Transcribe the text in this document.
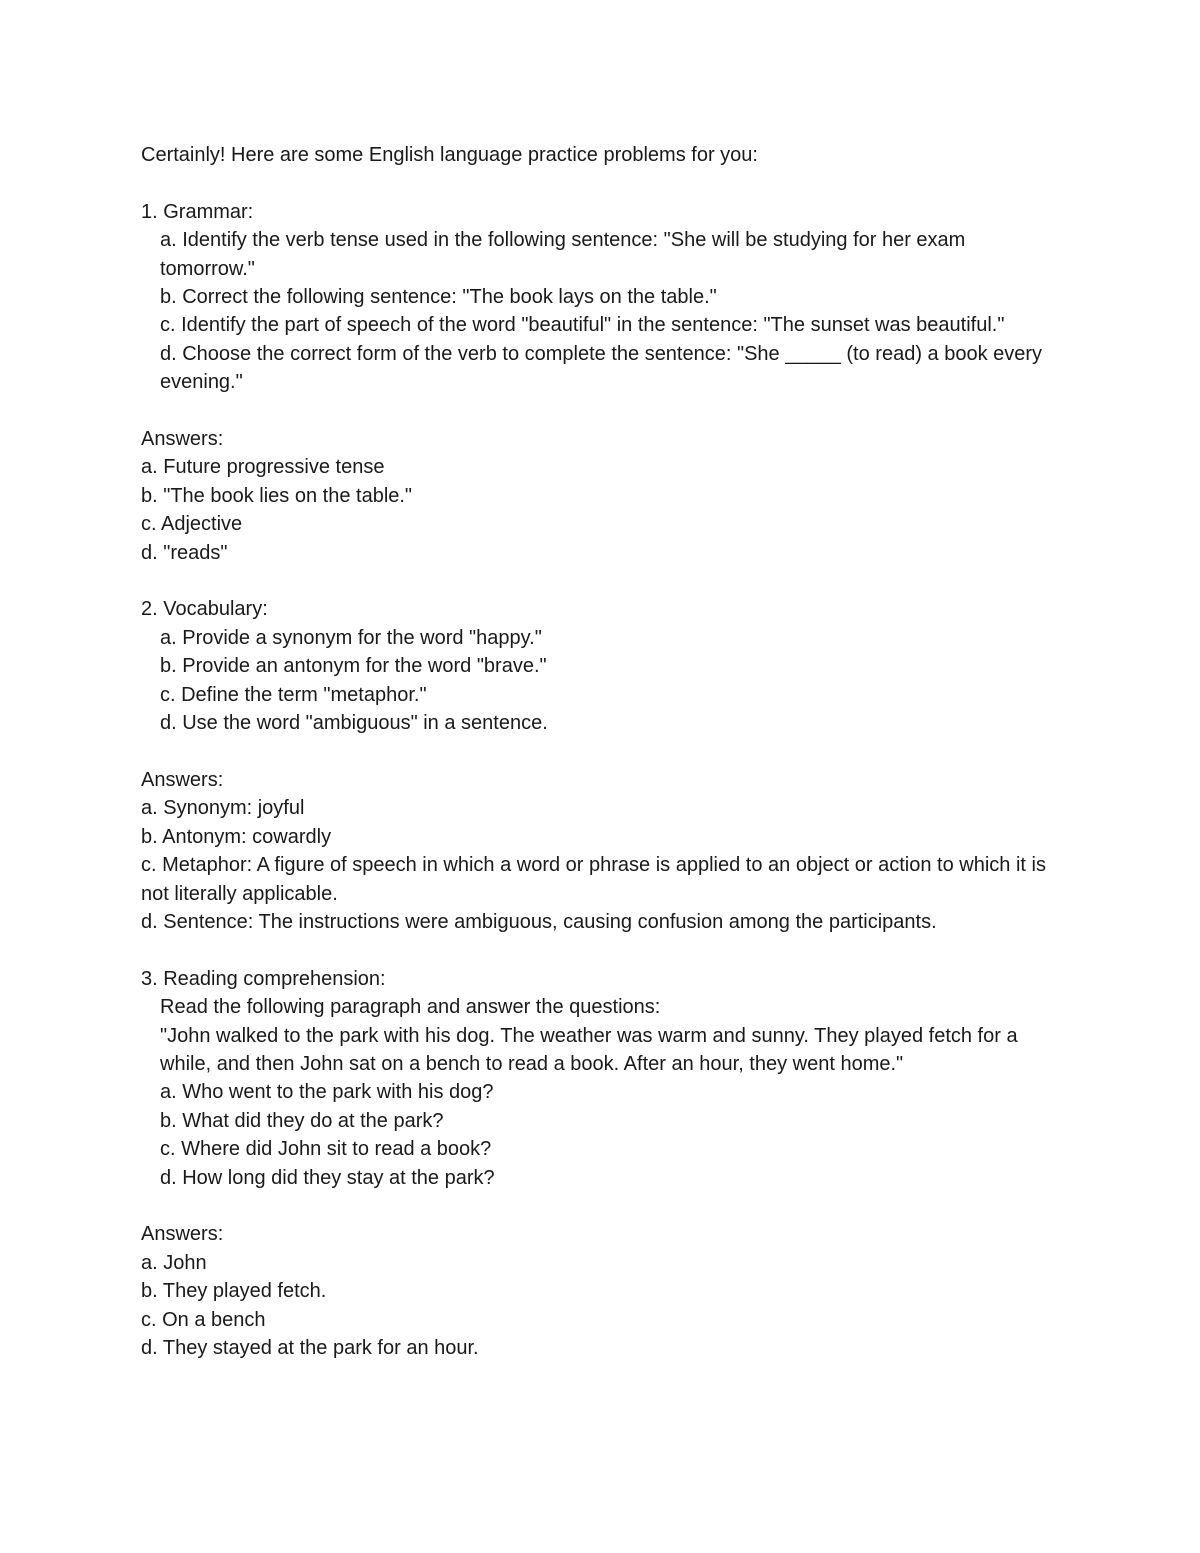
Certainly! Here are some English language practice problems for you:

1. Grammar:

a. Identify the verb tense used in the following sentence: "She will be studying for her exam tomorrow."

b. Correct the following sentence: "The book lays on the table."

c. Identify the part of speech of the word "beautiful" in the sentence: "The sunset was beautiful."

d. Choose the correct form of the verb to complete the sentence: "She _____ (to read) a book every evening."

Answers:

a. Future progressive tense

b. "The book lies on the table."

c. Adjective

d. "reads"

2. Vocabulary:

a. Provide a synonym for the word "happy."

b. Provide an antonym for the word "brave."

c. Define the term "metaphor."

d. Use the word "ambiguous" in a sentence.

Answers:

a. Synonym: joyful

b. Antonym: cowardly

c. Metaphor: A figure of speech in which a word or phrase is applied to an object or action to which it is not literally applicable.

d. Sentence: The instructions were ambiguous, causing confusion among the participants.

3. Reading comprehension:

Read the following paragraph and answer the questions:

"John walked to the park with his dog. The weather was warm and sunny. They played fetch for a while, and then John sat on a bench to read a book. After an hour, they went home."

a. Who went to the park with his dog?

b. What did they do at the park?

c. Where did John sit to read a book?

d. How long did they stay at the park?

Answers:

a. John

b. They played fetch.

c. On a bench

d. They stayed at the park for an hour.
